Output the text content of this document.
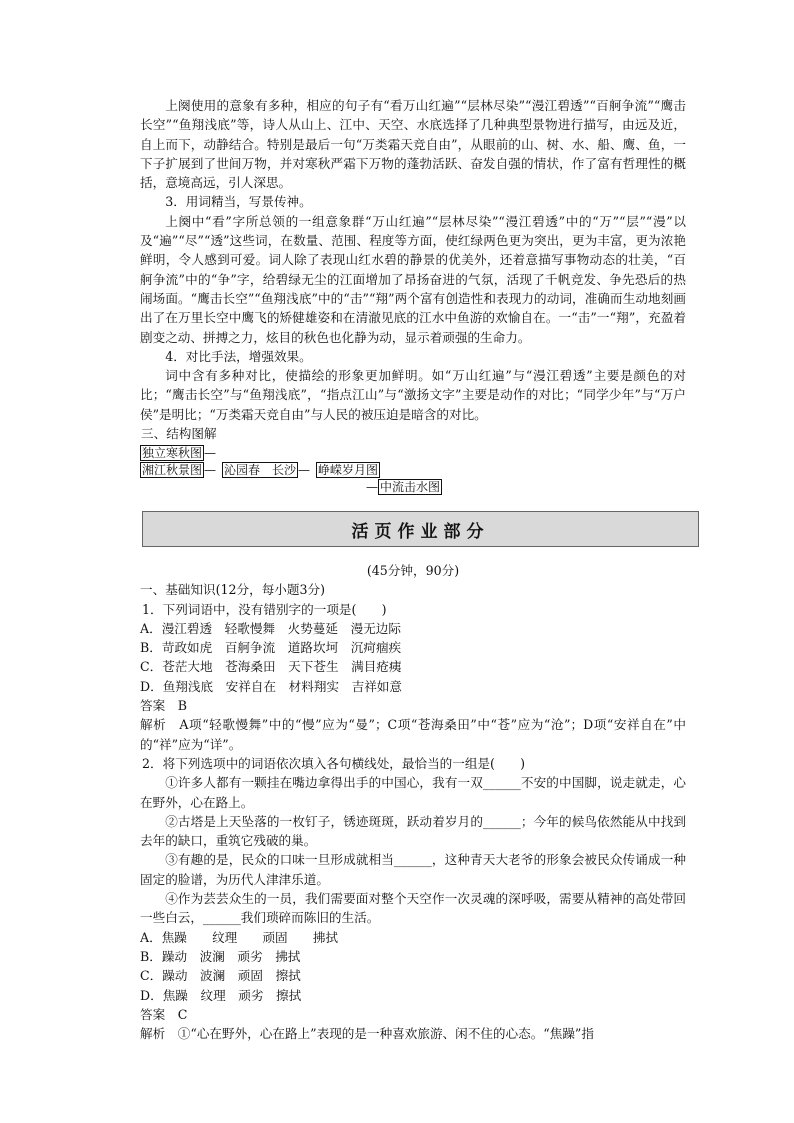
上阕使用的意象有多种，相应的句子有“看万山红遍”“层林尽染”“漫江碧透”“百舸争流”“鹰击长空”“鱼翔浅底”等，诗人从山上、江中、天空、水底选择了几种典型景物进行描写，由远及近，自上而下，动静结合。特别是最后一句“万类霜天竞自由”，从眼前的山、树、水、船、鹰、鱼，一下子扩展到了世间万物，并对寒秋严霜下万物的蓬勃活跃、奋发自强的情状，作了富有哲理性的概括，意境高远，引人深思。

3．用词精当，写景传神。

上阕中“看”字所总领的一组意象群“万山红遍”“层林尽染”“漫江碧透”中的“万”“层”“漫”以及“遍”“尽”“透”这些词，在数量、范围、程度等方面，使红绿两色更为突出，更为丰富，更为浓艳鲜明，令人感到可爱。词人除了表现山红水碧的静景的优美外，还着意描写事物动态的壮美，“百舸争流”中的“争”字，给碧绿无尘的江面增加了昂扬奋进的气氛，活现了千帆竞发、争先恐后的热闹场面。“鹰击长空”“鱼翔浅底”中的“击”“翔”两个富有创造性和表现力的动词，准确而生动地刻画出了在万里长空中鹰飞的矫健雄姿和在清澈见底的江水中鱼游的欢愉自在。一“击”一“翔”，充盈着剧变之动、拼搏之力，炫目的秋色也化静为动，显示着顽强的生命力。

4．对比手法，增强效果。

词中含有多种对比，使描绘的形象更加鲜明。如“万山红遍”与“漫江碧透”主要是颜色的对比；“鹰击长空”与“鱼翔浅底”，“指点江山”与“激扬文字”主要是动作的对比；“同学少年”与“万户侯”是明比；“万类霜天竞自由”与人民的被压迫是暗含的对比。

三、结构图解

独立寒秋图 —
湘江秋景图 — 沁园春　长沙 — 峥嵘岁月图
— 中流击水图
活页作业部分

(45分钟，90分)

一、基础知识(12分，每小题3分)

1．下列词语中，没有错别字的一项是(　　)

A．漫江碧透　轻歌慢舞　火势蔓延　漫无边际

B．苛政如虎　百舸争流　道路坎坷　沉疴痼疾

C．苍茫大地　苍海桑田　天下苍生　满目疮痍

D．鱼翔浅底　安祥自在　材料翔实　吉祥如意

答案　B

解析　A项“轻歌慢舞”中的“慢”应为“曼”；C项“苍海桑田”中“苍”应为“沧”；D项“安祥自在”中的“祥”应为“详”。

2．将下列选项中的词语依次填入各句横线处，最恰当的一组是(　　)

①许多人都有一颗挂在嘴边拿得出手的中国心，我有一双______不安的中国脚，说走就走，心在野外，心在路上。

②古塔是上天坠落的一枚钉子，锈迹斑斑，跃动着岁月的______；今年的候鸟依然能从中找到去年的缺口，重筑它残破的巢。

③有趣的是，民众的口味一旦形成就相当______，这种青天大老爷的形象会被民众传诵成一种固定的脸谱，为历代人津津乐道。

④作为芸芸众生的一员，我们需要面对整个天空作一次灵魂的深呼吸，需要从精神的高处带回一些白云，______我们琐碎而陈旧的生活。

A．焦躁　　纹理　　顽固　　拂拭

B．躁动　波澜　顽劣　拂拭

C．躁动　波澜　顽固　擦拭

D．焦躁　纹理　顽劣　擦拭

答案　C

解析　①“心在野外，心在路上”表现的是一种喜欢旅游、闲不住的心态。“焦躁”指
